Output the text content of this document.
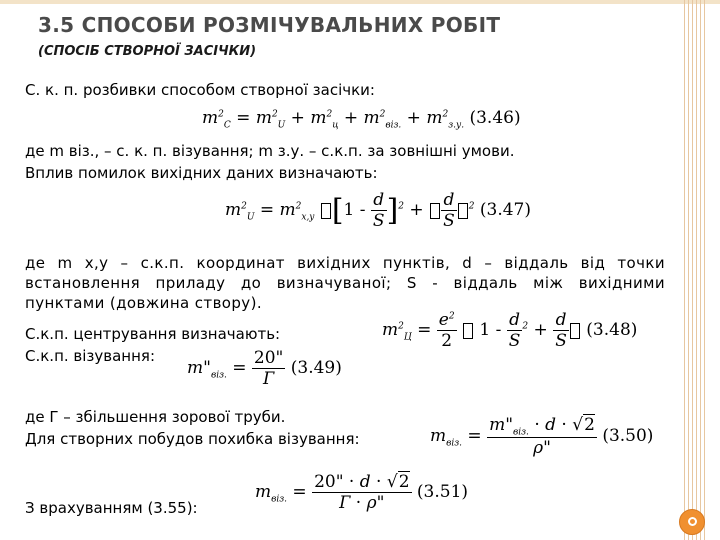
3.5 СПОСОБИ РОЗМІЧУВАЛЬНИХ РОБІТ
(СПОСІБ СТВОРНОЇ ЗАСІЧКИ)
С. к. п. розбивки способом створної засічки:
$m^2_C = m^2_U + m^2_ц + m^2_{віз.} + m^2_{з.у.}$ (3.46)
де m віз., – с. к. п. візування; m з.у. – с.к.п. за зовнішні умови.
Вплив помилок вихідних даних визначають:
$m^2_U = m^2_{x,y}$ $[1 - \frac{d}{S} ]^2 + \frac{d}{S} ^2$ (3.47)
де m x,y – с.к.п. координат вихідних пунктів, d – віддаль від точки встановлення приладу до визначуваної; S - віддаль між вихідними пунктами (довжина створу).
С.к.п. центрування визначають:
С.к.п. візування:
$m^2_Ц = \frac{e^2}{2} 1 - \frac{d}{S} ^2 + \frac{d}{S} (3.48)$
$m"_{віз.} = \frac{20"}{Г} (3.49)$
де Г – збільшення зорової труби.
Для створних побудов похибка візування:	$m_{віз.} = \frac{m"_{віз.} \cdot d \cdot √2}{\rho"} (3.50)$
З врахуванням (3.55):
$m_{віз.} = \frac{20" \cdot d \cdot √2}{Г \cdot \rho"} (3.51)$
